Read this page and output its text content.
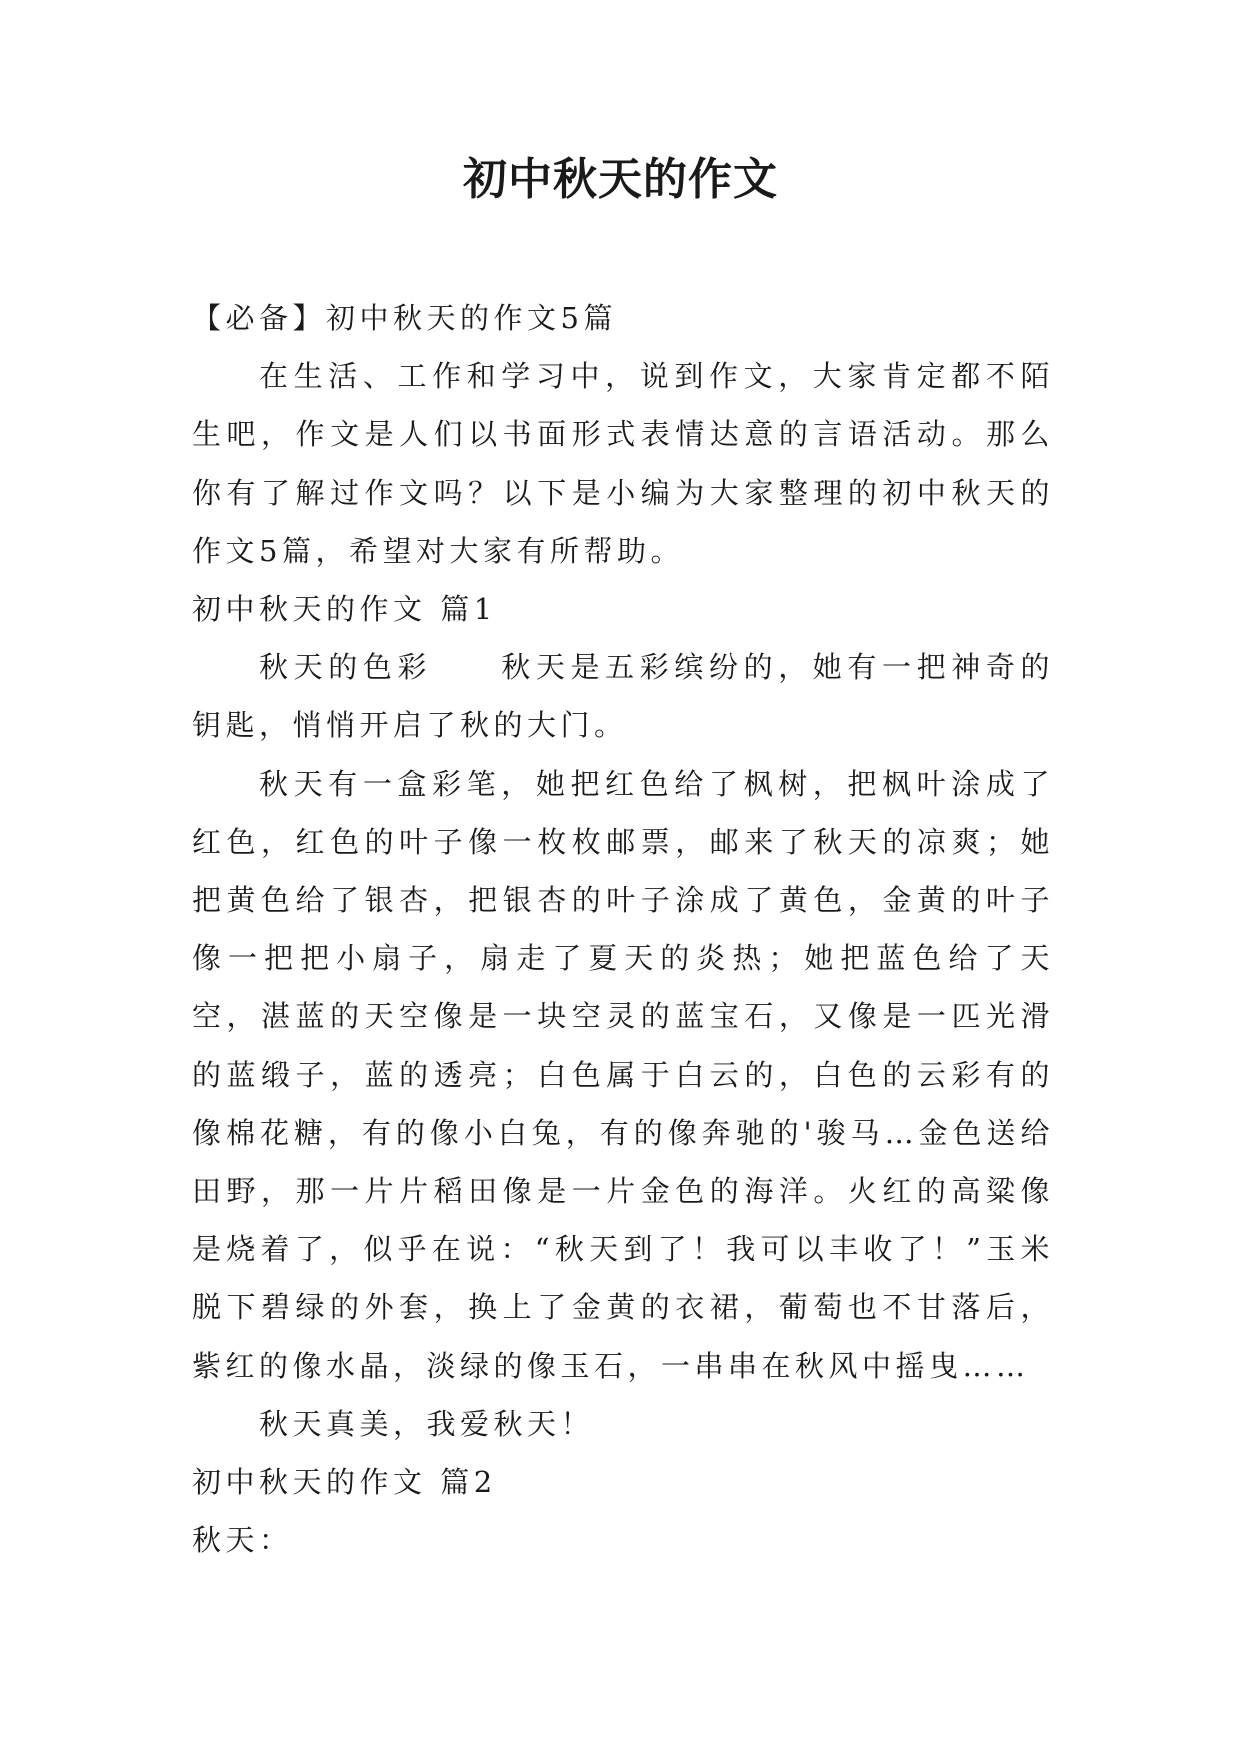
初中秋天的作文

【必备】初中秋天的作文5篇

在生活、工作和学习中，说到作文，大家肯定都不陌生吧，作文是人们以书面形式表情达意的言语活动。那么你有了解过作文吗？以下是小编为大家整理的初中秋天的作文5篇，希望对大家有所帮助。

初中秋天的作文 篇1

秋天的色彩　　秋天是五彩缤纷的，她有一把神奇的钥匙，悄悄开启了秋的大门。

秋天有一盒彩笔，她把红色给了枫树，把枫叶涂成了红色，红色的叶子像一枚枚邮票，邮来了秋天的凉爽；她把黄色给了银杏，把银杏的叶子涂成了黄色，金黄的叶子像一把把小扇子，扇走了夏天的炎热；她把蓝色给了天空，湛蓝的天空像是一块空灵的蓝宝石，又像是一匹光滑的蓝缎子，蓝的透亮；白色属于白云的，白色的云彩有的像棉花糖，有的像小白兔，有的像奔驰的'骏马…金色送给田野，那一片片稻田像是一片金色的海洋。火红的高粱像是烧着了，似乎在说：“秋天到了！我可以丰收了！”玉米脱下碧绿的外套，换上了金黄的衣裙，葡萄也不甘落后，紫红的像水晶，淡绿的像玉石，一串串在秋风中摇曳……

秋天真美，我爱秋天！

初中秋天的作文 篇2

秋天：
